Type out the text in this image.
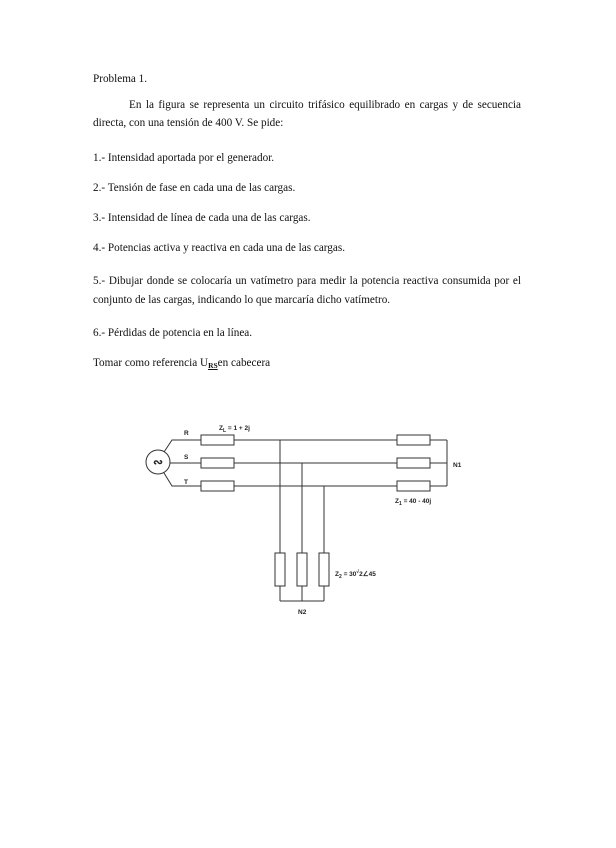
Problema 1.

En la figura se representa un circuito trifásico equilibrado en cargas y de secuencia directa, con una tensión de 400 V. Se pide:

1.- Intensidad aportada por el generador.

2.- Tensión de fase en cada una de las cargas.

3.- Intensidad de línea de cada una de las cargas.

4.- Potencias activa y reactiva en cada una de las cargas.

5.- Dibujar donde se colocaría un vatímetro para medir la potencia reactiva consumida por el conjunto de las cargas, indicando lo que marcaría dicho vatímetro.

6.- Pérdidas de potencia en la línea.

Tomar como referencia $U_{RS}en$ cabecera

∾
R
S
T
$Z_L = 1 + 2j$
N1
$Z_1 = 40 - 40j$
N2
$Z_2$ = 30√2∠45
